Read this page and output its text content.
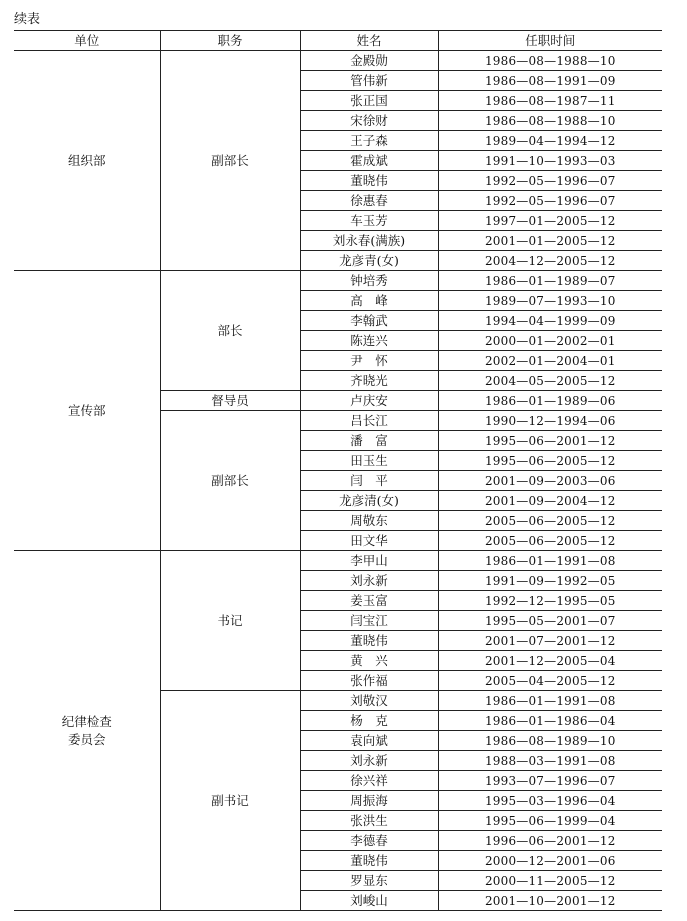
续表
单位	职务	姓名	任职时间
组织部	副部长	金殿勋	1986—08—1988—10
		管伟新	1986—08—1991—09
		张正国	1986—08—1987—11
		宋徐财	1986—08—1988—10
		王子森	1989—04—1994—12
		霍成斌	1991—10—1993—03
		董晓伟	1992—05—1996—07
		徐惠春	1992—05—1996—07
		车玉芳	1997—01—2005—12
		刘永春(满族)	2001—01—2005—12
		龙彦青(女)	2004—12—2005—12
宣传部	部长	钟培秀	1986—01—1989—07
		高　峰	1989—07—1993—10
		李翰武	1994—04—1999—09
		陈连兴	2000—01—2002—01
		尹　怀	2002—01—2004—01
		齐晓光	2004—05—2005—12
	督导员	卢庆安	1986—01—1989—06
	副部长	吕长江	1990—12—1994—06
		潘　富	1995—06—2001—12
		田玉生	1995—06—2005—12
		闫　平	2001—09—2003—06
		龙彦清(女)	2001—09—2004—12
		周敬东	2005—06—2005—12
		田文华	2005—06—2005—12
纪律检查
委员会	书记	李甲山	1986—01—1991—08
		刘永新	1991—09—1992—05
		姜玉富	1992—12—1995—05
		闫宝江	1995—05—2001—07
		董晓伟	2001—07—2001—12
		黄　兴	2001—12—2005—04
		张作福	2005—04—2005—12
	副书记	刘敬汉	1986—01—1991—08
		杨　克	1986—01—1986—04
		袁向斌	1986—08—1989—10
		刘永新	1988—03—1991—08
		徐兴祥	1993—07—1996—07
		周振海	1995—03—1996—04
		张洪生	1995—06—1999—04
		李德春	1996—06—2001—12
		董晓伟	2000—12—2001—06
		罗显东	2000—11—2005—12
		刘峻山	2001—10—2001—12
